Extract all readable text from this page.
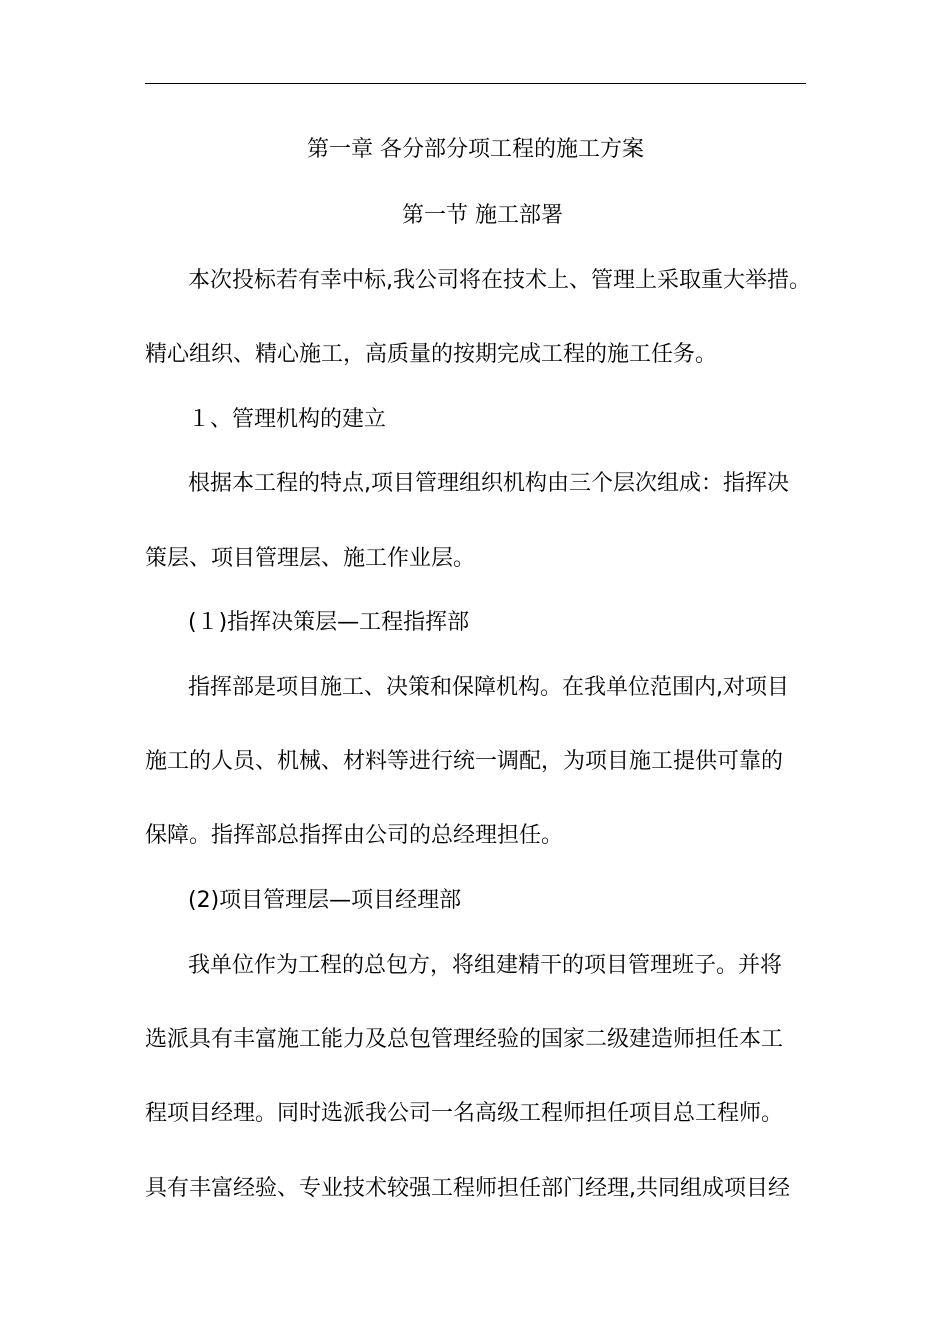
第一章 各分部分项工程的施工方案
第一节 施工部署
本次投标若有幸中标,我公司将在技术上、管理上采取重大举措。
精心组织、精心施工，高质量的按期完成工程的施工任务。
１、管理机构的建立
根据本工程的特点,项目管理组织机构由三个层次组成：指挥决
策层、项目管理层、施工作业层。
(１)指挥决策层—工程指挥部
指挥部是项目施工、决策和保障机构。在我单位范围内,对项目
施工的人员、机械、材料等进行统一调配，为项目施工提供可靠的
保障。指挥部总指挥由公司的总经理担任。
(2)项目管理层—项目经理部
我单位作为工程的总包方，将组建精干的项目管理班子。并将
选派具有丰富施工能力及总包管理经验的国家二级建造师担任本工
程项目经理。同时选派我公司一名高级工程师担任项目总工程师。
具有丰富经验、专业技术较强工程师担任部门经理,共同组成项目经
